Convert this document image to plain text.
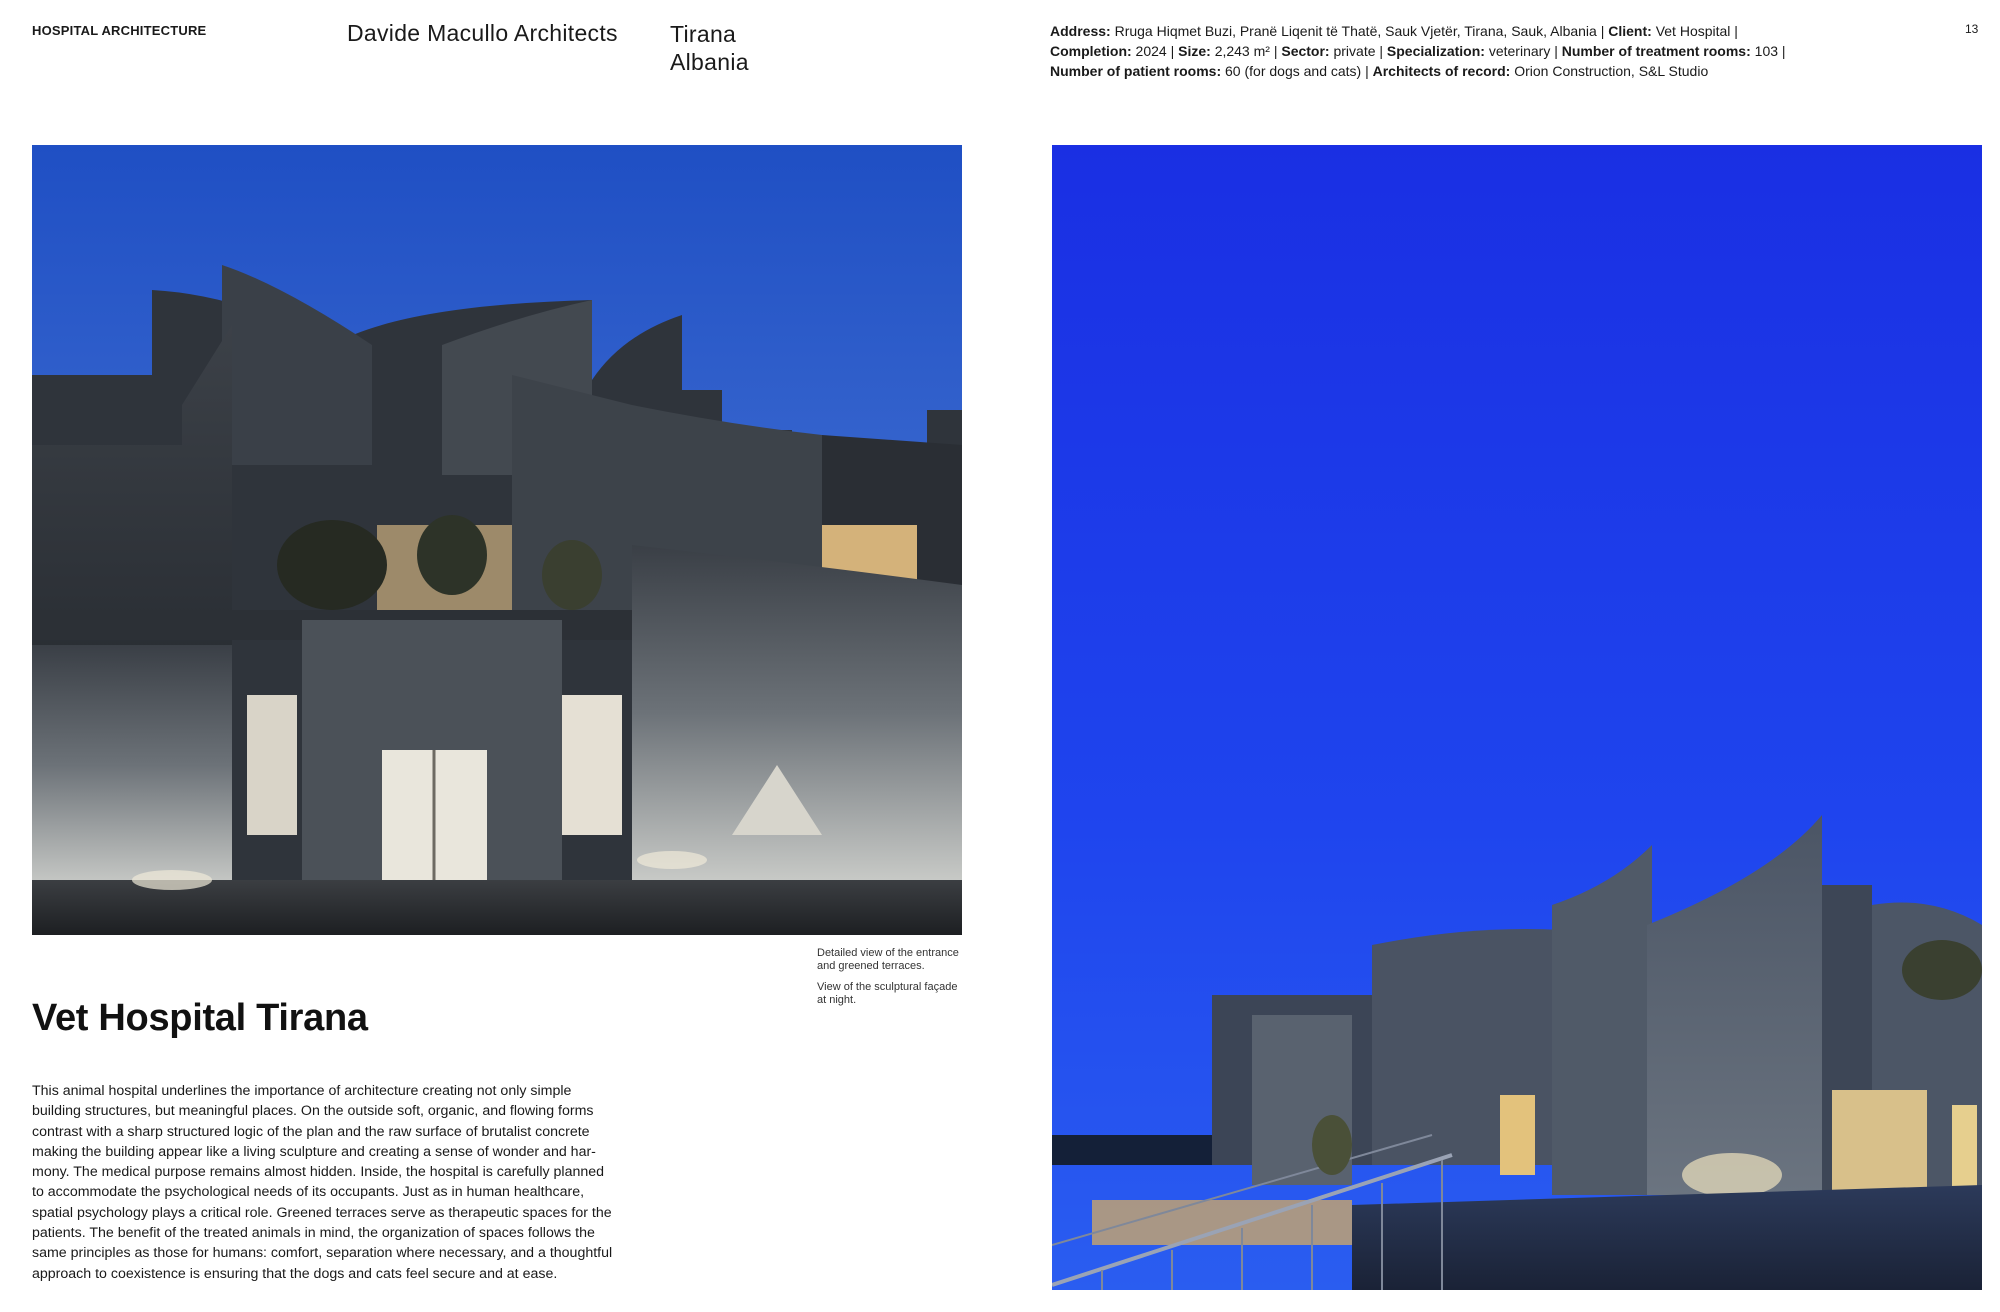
HOSPITAL ARCHITECTURE	Davide Macullo Architects Tirana
Albania
Address: Rruga Hiqmet Buzi, Pranë Liqenit të Thatë, Sauk Vjetër, Tirana, Sauk, Albania | Client: Vet Hospital |
Completion: 2024 | Size: 2,243 m² | Sector: private | Specialization: veterinary | Number of treatment rooms: 103 |
Number of patient rooms: 60 (for dogs and cats) | Architects of record: Orion Construction, S&L Studio
13

Detailed view of the entrance and greened terraces.

View of the sculptural façade at night.

Vet Hospital Tirana
This animal hospital underlines the importance of architecture creating not only simple
building structures, but meaningful places. On the outside soft, organic, and flowing forms
contrast with a sharp structured logic of the plan and the raw surface of brutalist concrete
making the building appear like a living sculpture and creating a sense of wonder and har-
mony. The medical purpose remains almost hidden. Inside, the hospital is carefully planned
to accommodate the psychological needs of its occupants. Just as in human healthcare,
spatial psychology plays a critical role. Greened terraces serve as therapeutic spaces for the
patients. The benefit of the treated animals in mind, the organization of spaces follows the
same principles as those for humans: comfort, separation where necessary, and a thoughtful
approach to coexistence is ensuring that the dogs and cats feel secure and at ease.
